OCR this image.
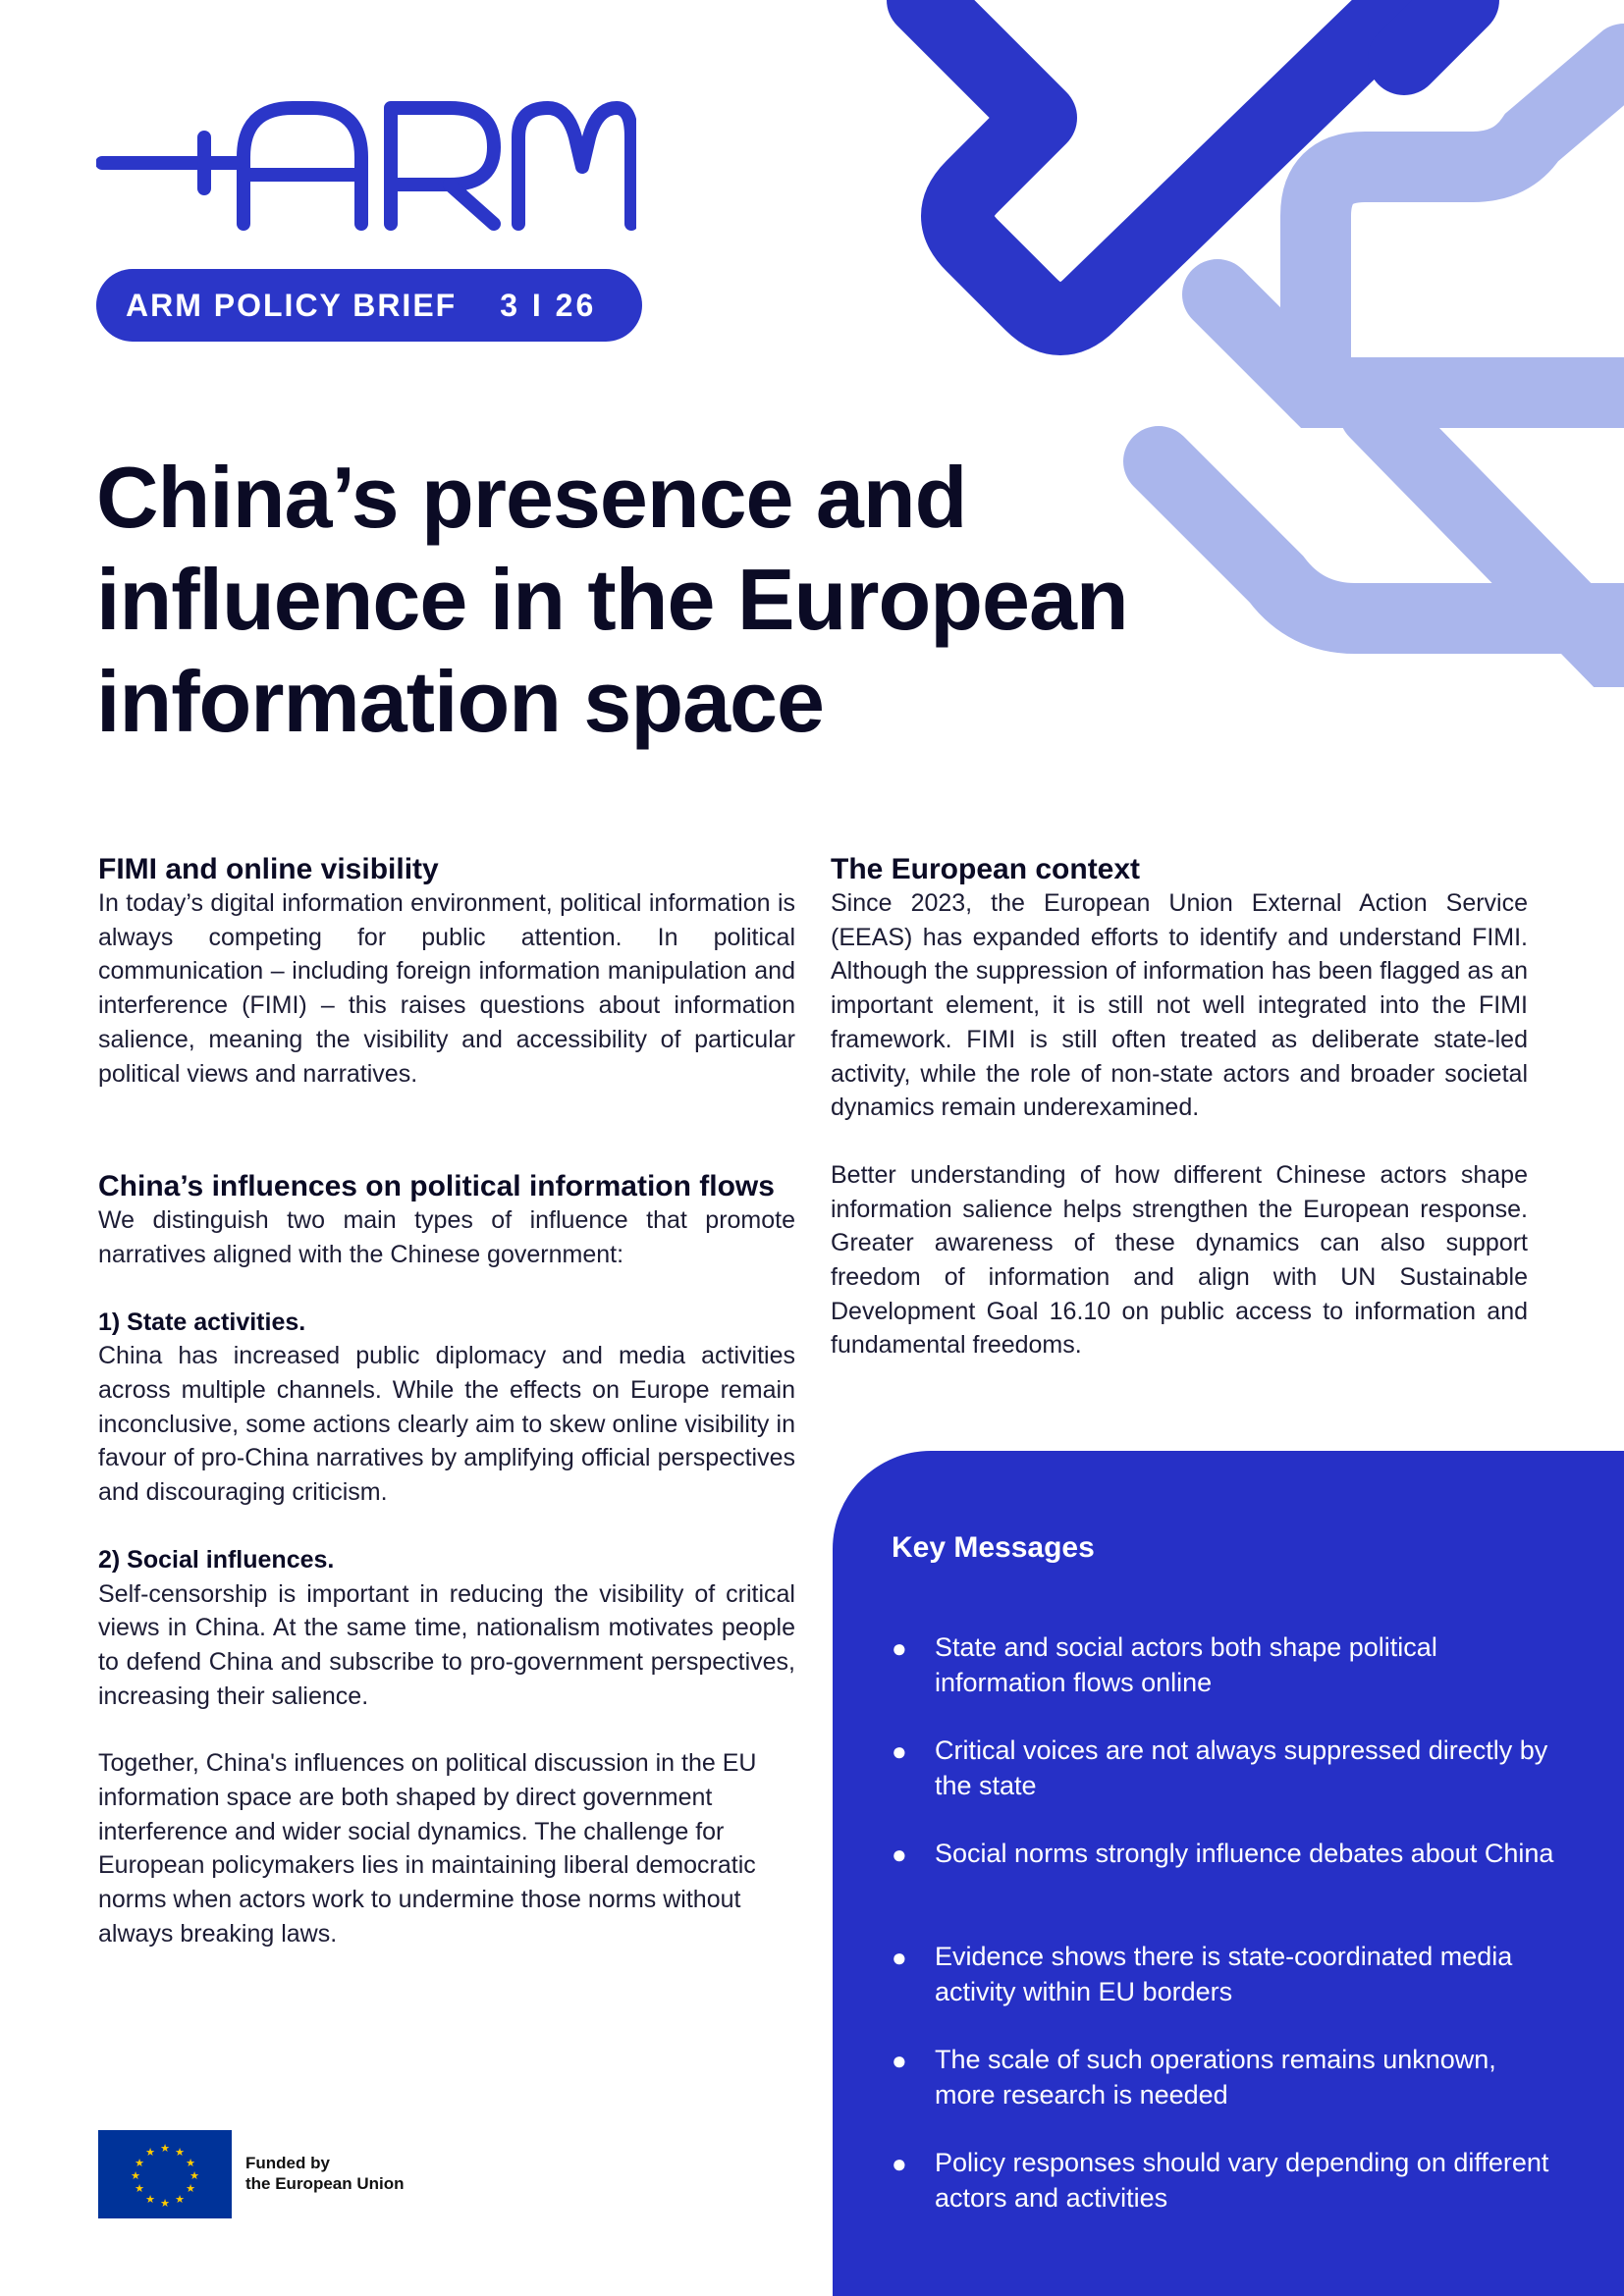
ARM
ARM POLICY BRIEF 3 I 26
China’s presence and influence in the European information space
FIMI and online visibility

In today’s digital information environment, political information is always competing for public attention. In political communication – including foreign information manipulation and interference (FIMI) – this raises questions about information salience, meaning the visibility and accessibility of particular political views and narratives.

China’s influences on political information flows

We distinguish two main types of influence that promote narratives aligned with the Chinese government:

1) State activities.

China has increased public diplomacy and media activities across multiple channels. While the effects on Europe remain inconclusive, some actions clearly aim to skew online visibility in favour of pro-China narratives by amplifying official perspectives and discouraging criticism.

2) Social influences.

Self-censorship is important in reducing the visibility of critical views in China. At the same time, nationalism motivates people to defend China and subscribe to pro-government perspectives, increasing their salience.

Together, China's influences on political discussion in the EU information space are both shaped by direct government interference and wider social dynamics. The challenge for European policymakers lies in maintaining liberal democratic norms when actors work to undermine those norms without always breaking laws.

The European context

Since 2023, the European Union External Action Service (EEAS) has expanded efforts to identify and understand FIMI. Although the suppression of information has been flagged as an important element, it is still not well integrated into the FIMI framework. FIMI is still often treated as deliberate state-led activity, while the role of non-state actors and broader societal dynamics remain underexamined.

Better understanding of how different Chinese actors shape information salience helps strengthen the European response. Greater awareness of these dynamics can also support freedom of information and align with UN Sustainable Development Goal 16.10 on public access to information and fundamental freedoms.

Key Messages
● State and social actors both shape political information flows online
● Critical voices are not always suppressed directly by the state
● Social norms strongly influence debates about China
● Evidence shows there is state-coordinated media activity within EU borders
● The scale of such operations remains unknown, more research is needed
● Policy responses should vary depending on different actors and activities
★ ★
★
★
★
★
★
★
★
★
★
★
Funded by
the European Union
